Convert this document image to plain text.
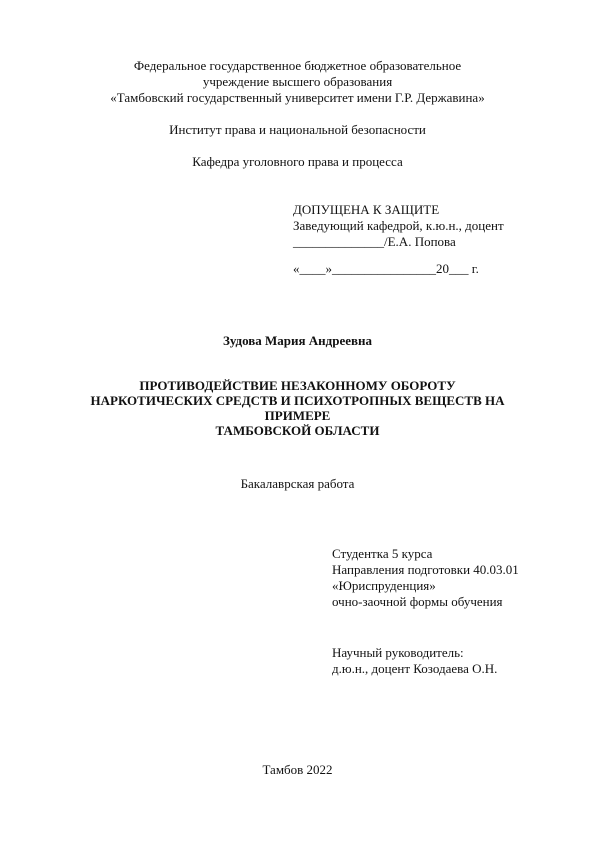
Федеральное государственное бюджетное образовательное
учреждение высшего образования
«Тамбовский государственный университет имени Г.Р. Державина»
Институт права и национальной безопасности
Кафедра уголовного права и процесса
ДОПУЩЕНА К ЗАЩИТЕ
Заведующий кафедрой, к.ю.н., доцент
______________/Е.А. Попова
«____»________________20___ г.
Зудова Мария Андреевна
ПРОТИВОДЕЙСТВИЕ НЕЗАКОННОМУ ОБОРОТУ
НАРКОТИЧЕСКИХ СРЕДСТВ И ПСИХОТРОПНЫХ ВЕЩЕСТВ НА
ПРИМЕРЕ
ТАМБОВСКОЙ ОБЛАСТИ
Бакалаврская работа
Студентка 5 курса
Направления подготовки 40.03.01
«Юриспруденция»
очно-заочной формы обучения
Научный руководитель:
д.ю.н., доцент Козодаева О.Н.
Тамбов 2022
